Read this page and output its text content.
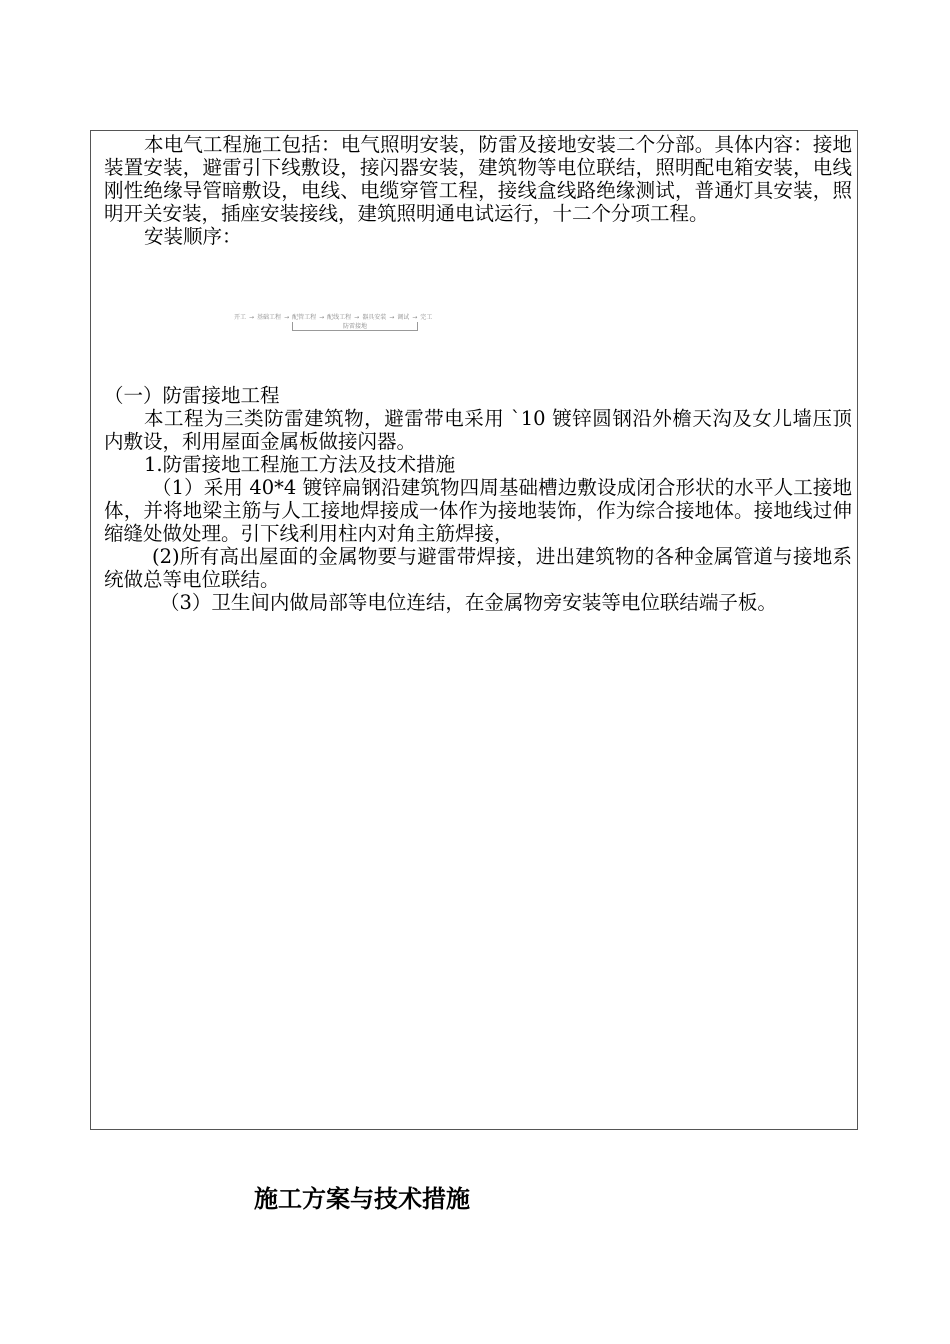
本电气工程施工包括：电气照明安装，防雷及接地安装二个分部。具体内容：接地装置安装，避雷引下线敷设，接闪器安装，建筑物等电位联结，照明配电箱安装，电线刚性绝缘导管暗敷设，电线、电缆穿管工程，接线盒线路绝缘测试，普通灯具安装，照明开关安装，插座安装接线，建筑照明通电试运行，十二个分项工程。

安装顺序：

开工 → 基础工程 → 配管工程 → 配线工程 → 器具安装 → 调试 → 完工
防雷接地

（一）防雷接地工程

本工程为三类防雷建筑物，避雷带电采用 `10 镀锌圆钢沿外檐天沟及女儿墙压顶内敷设，利用屋面金属板做接闪器。

1.防雷接地工程施工方法及技术措施

（1）采用 40*4 镀锌扁钢沿建筑物四周基础槽边敷设成闭合形状的水平人工接地体，并将地梁主筋与人工接地焊接成一体作为接地装饰，作为综合接地体。接地线过伸缩缝处做处理。引下线利用柱内对角主筋焊接，

(2)所有高出屋面的金属物要与避雷带焊接，进出建筑物的各种金属管道与接地系统做总等电位联结。

（3）卫生间内做局部等电位连结，在金属物旁安装等电位联结端子板。

施工方案与技术措施
